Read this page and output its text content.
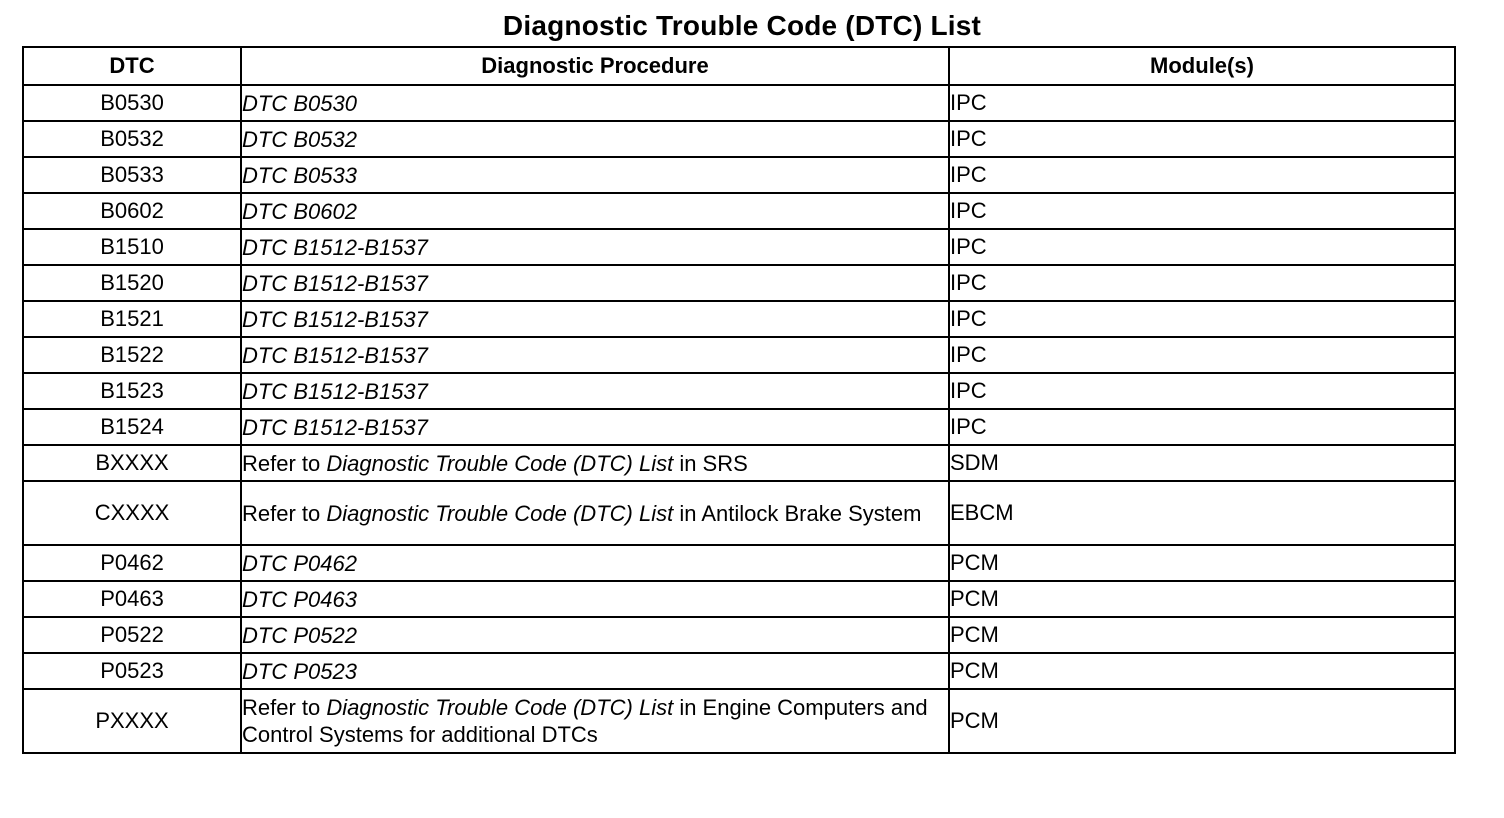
Diagnostic Trouble Code (DTC) List
DTC	Diagnostic Procedure	Module(s)
B0530	DTC B0530	IPC
B0532	DTC B0532	IPC
B0533	DTC B0533	IPC
B0602	DTC B0602	IPC
B1510	DTC B1512-B1537	IPC
B1520	DTC B1512-B1537	IPC
B1521	DTC B1512-B1537	IPC
B1522	DTC B1512-B1537	IPC
B1523	DTC B1512-B1537	IPC
B1524	DTC B1512-B1537	IPC
BXXXX	Refer to Diagnostic Trouble Code (DTC) List in SRS	SDM
CXXXX	Refer to Diagnostic Trouble Code (DTC) List in Antilock Brake System	EBCM
P0462	DTC P0462	PCM
P0463	DTC P0463	PCM
P0522	DTC P0522	PCM
P0523	DTC P0523	PCM
PXXXX	Refer to Diagnostic Trouble Code (DTC) List in Engine Computers and Control Systems for additional DTCs	PCM
